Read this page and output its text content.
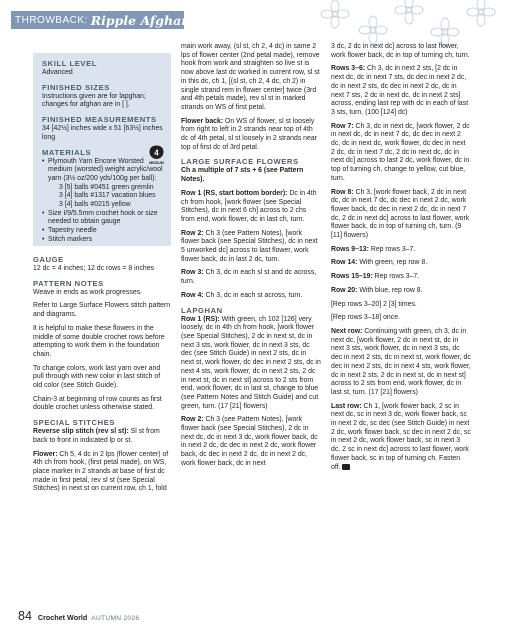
THROWBACK: Ripple Afghans
SKILL LEVEL
Advanced
FINISHED SIZES
Instructions given are for lapghan; changes for afghan are in [ ].
FINISHED MEASUREMENTS
34 [42½] inches wide x 51 [63½] inches long
MATERIALS	4
MEDIUM
• Plymouth Yarn Encore Worsted medium (worsted) weight acrylic/wool yarn (3½ oz/200 yds/100g per ball):
3 [5] balls #0451 green gremlin
3 [4] balls #1317 vacation blues
3 [4] balls #0215 yellow
• Size I/9/5.5mm crochet hook or size needed to obtain gauge
• Tapestry needle
• Stitch markers
GAUGE

12 dc = 4 inches; 12 dc rows = 8 inches

PATTERN NOTES

Weave in ends as work progresses.

Refer to Large Surface Flowers stitch pattern and diagrams.

It is helpful to make these flowers in the middle of some double crochet rows before attempting to work them in the foundation chain.

To change colors, work last yarn over and pull through with new color in last stitch of old color (see Stitch Guide).

Chain-3 at beginning of row counts as first double crochet unless otherwise stated.

SPECIAL STITCHES

Reverse slip stitch (rev sl st): Sl st from back to front in indicated lp or st.

Flower: Ch 5, 4 dc in 2 lps (flower center) of 4th ch from hook, (first petal made), on WS, place marker in 2 strands at base of first dc made in first petal, rev sl st (see Special Stitches) in next st on current row, ch 1, fold

main work away, (sl st, ch 2, 4 dc) in same 2 lps of flower center (2nd petal made), remove hook from work and straighten so live st is now above last dc worked in current row, sl st in this dc, ch 1, [(sl st, ch 2, 4 dc, ch 2) in single strand rem in flower center] twice (3rd and 4th petals made), rev sl st in marked strands on WS of first petal.

Flower back: On WS of flower, sl st loosely from right to left in 2 strands near top of 4th dc of 4th petal, sl st loosely in 2 strands near top of first dc of 3rd petal.

LARGE SURFACE FLOWERS

Ch a multiple of 7 sts + 6 (see Pattern Notes).

Row 1 (RS, start bottom border): Dc in 4th ch from hook, [work flower (see Special Stitches), dc in next 6 ch] across to 2 chs from end, work flower, dc in last ch, turn.

Row 2: Ch 3 (see Pattern Notes), [work flower back (see Special Stitches), dc in next 5 unworked dc] across to last flower, work flower back, dc in last 2 dc, turn.

Row 3: Ch 3, dc in each sl st and dc across, turn.

Row 4: Ch 3, dc in each st across, turn.

LAPGHAN

Row 1 (RS): With green, ch 102 [126] very loosely, dc in 4th ch from hook, [work flower (see Special Stitches), 2 dc in next st, dc in next 3 sts, work flower, dc in next 3 sts, dc dec (see Stitch Guide) in next 2 sts, dc in next st, work flower, dc dec in next 2 sts, dc in next 4 sts, work flower, dc in next 2 sts, 2 dc in next st, dc in next st] across to 2 sts from end, work flower, dc in last st, change to blue (see Pattern Notes and Stitch Guide) and cut green, turn. (17 [21] flowers)

Row 2: Ch 3 (see Pattern Notes), [work flower back (see Special Stitches), 2 dc in next dc, dc in next 3 dc, work flower back, dc in next 2 dc, dc dec in next 2 dc, work flower back, dc dec in next 2 dc, dc in next 2 dc, work flower back, dc in next

3 dc, 2 dc in next dc] across to last flower, work flower back, dc in top of turning ch, turn.

Rows 3–6: Ch 3, dc in next 2 sts, [2 dc in next dc, dc in next 7 sts, dc dec in next 2 dc, dc in next 2 sts, dc dec in next 2 dc, dc in next 7 sts, 2 dc in next dc, dc in next 2 sts] across, ending last rep with dc in each of last 3 sts, turn. (100 [124] dc)

Row 7: Ch 3, dc in next dc, [work flower, 2 dc in next dc, dc in next 7 dc, dc dec in next 2 dc, dc in next dc, work flower, dc dec in next 2 dc, dc in next 7 dc, 2 dc in next dc, dc in next dc] across to last 2 dc, work flower, dc in top of turning ch, change to yellow, cut blue, turn.

Row 8: Ch 3, [work flower back, 2 dc in next dc, dc in next 7 dc, dc dec in next 2 dc, work flower back, dc dec in next 2 dc, dc in next 7 dc, 2 dc in next dc] across to last flower, work flower back, dc in top of turning ch, turn. (9 [11] flowers)

Rows 9–13: Rep rows 3–7.

Row 14: With green, rep row 8.

Rows 15–19: Rep rows 3–7.

Row 20: With blue, rep row 8.

[Rep rows 3–20] 2 [3] times.

[Rep rows 3–18] once.

Next row: Continuing with green, ch 3, dc in next dc, [work flower, 2 dc in next st, dc in next 3 sts, work flower, dc in next 3 sts, dc dec in next 2 sts, dc in next st, work flower, dc dec in next 2 sts, dc in next 4 sts, work flower, dc in next 2 sts, 2 dc in next st, dc in next st] across to 2 sts from end, work flower, dc in last st, turn. (17 [21] flowers)

Last row: Ch 1, [work flower back, 2 sc in next dc, sc in next 3 dc, work flower back, sc in next 2 dc, sc dec (see Stitch Guide) in next 2 dc, work flower back, sc dec in next 2 dc, sc in next 2 dc, work flower back, sc in next 3 dc, 2 sc in next dc] across to last flower, work flower back, sc in top of turning ch. Fasten off.

84 Crochet World AUTUMN 2026
